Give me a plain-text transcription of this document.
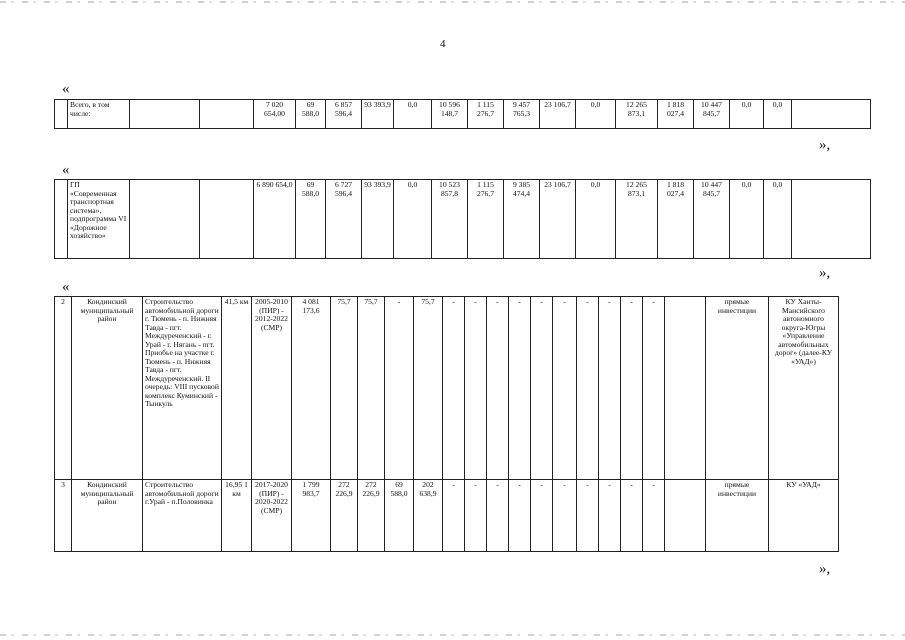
4
«
	Всего, в том числе:			7 020 654,00	69 588,0	6 857 596,4	93 393,9	0,0	10 596 148,7	1 115 276,7	9 457 765,3	23 106,7	0,0	12 265 873,1	1 818 027,4	10 447 845,7	0,0	0,0	
»,
«
	ГП «Современная транспортная система», подпрограмма VI «Дорожное хозяйство»			6 890 654,0	69 588,0	6 727 596,4	93 393,9	0,0	10 523 857,8	1 115 276,7	9 385 474,4	23 106,7	0,0	12 265 873,1	1 818 027,4	10 447 845,7	0,0	0,0	
»,
«
2	Кондинский муниципальный район	Строительство автомобильной дороги г. Тюмень - п. Нижняя Тавда - пгт. Междуреченский - г. Урай - г. Нягань - пгт. Приобье на участке г. Тюмень - п. Нижняя Тавда - пгт. Междуреченский. II очередь: VIII пусковой комплекс Куминский - Тынкуль	41,5 км	2005-2010 (ПИР) - 2012-2022 (СМР)	4 081 173,6	75,7	75,7	-	75,7	-	-	-	-	-	-	-	-	-	-		прямые инвестиции	КУ Ханты-Мансийского автономного округа-Югры «Управление автомобильных дорог» (далее-КУ «УАД»)
3	Кондинский муниципальный район	Строительство автомобильной дороги г.Урай - п.Половинка	16,95 1 км	2017-2020 (ПИР) - 2020-2022 (СМР)	1 799 983,7	272 226,9	272 226,9	69 588,0	202 638,9	-	-	-	-	-	-	-	-	-	-		прямые инвестиции	КУ «УАД»
»,
